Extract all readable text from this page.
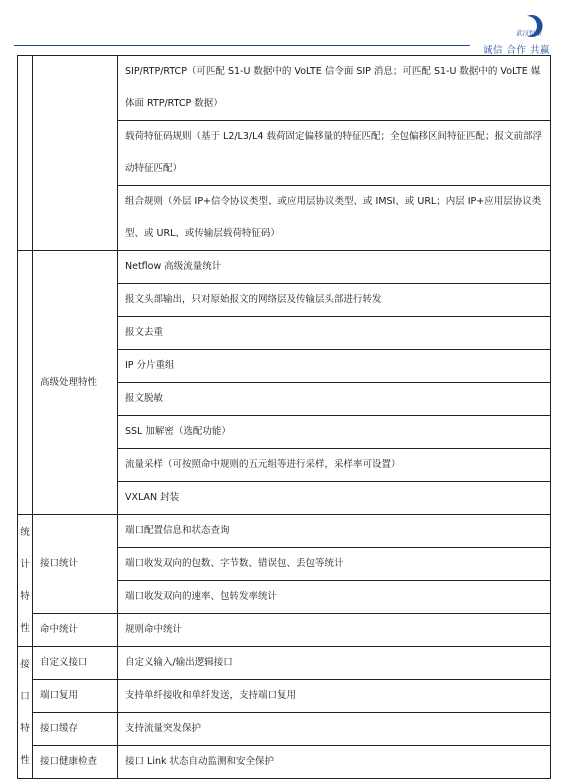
武汉恒景
诚信 合作 共赢
		SIP/RTP/RTCP（可匹配 S1-U 数据中的 VoLTE 信令面 SIP 消息；可匹配 S1-U 数据中的 VoLTE 媒体面 RTP/RTCP 数据）
		载荷特征码规则（基于 L2/L3/L4 载荷固定偏移量的特征匹配；全包偏移区间特征匹配；报文前部浮动特征匹配）
		组合规则（外层 IP+信令协议类型、或应用层协议类型、或 IMSI、或 URL；内层 IP+应用层协议类型、或 URL、或传输层载荷特征码）
	高级处理特性	Netflow 高级流量统计
		报文头部输出，只对原始报文的网络层及传输层头部进行转发
		报文去重
		IP 分片重组
		报文脱敏
		SSL 加解密（选配功能）
		流量采样（可按照命中规则的五元组等进行采样，采样率可设置）
		VXLAN 封装

统
计
特
性	接口统计	端口配置信息和状态查询
		端口收发双向的包数、字节数、错误包、丢包等统计
		端口收发双向的速率、包转发率统计
	命中统计	规则命中统计

接
口
特
性	自定义接口	自定义输入/输出逻辑接口
	端口复用	支持单纤接收和单纤发送，支持端口复用
	接口缓存	支持流量突发保护
	接口健康检查	接口 Link 状态自动监测和安全保护
